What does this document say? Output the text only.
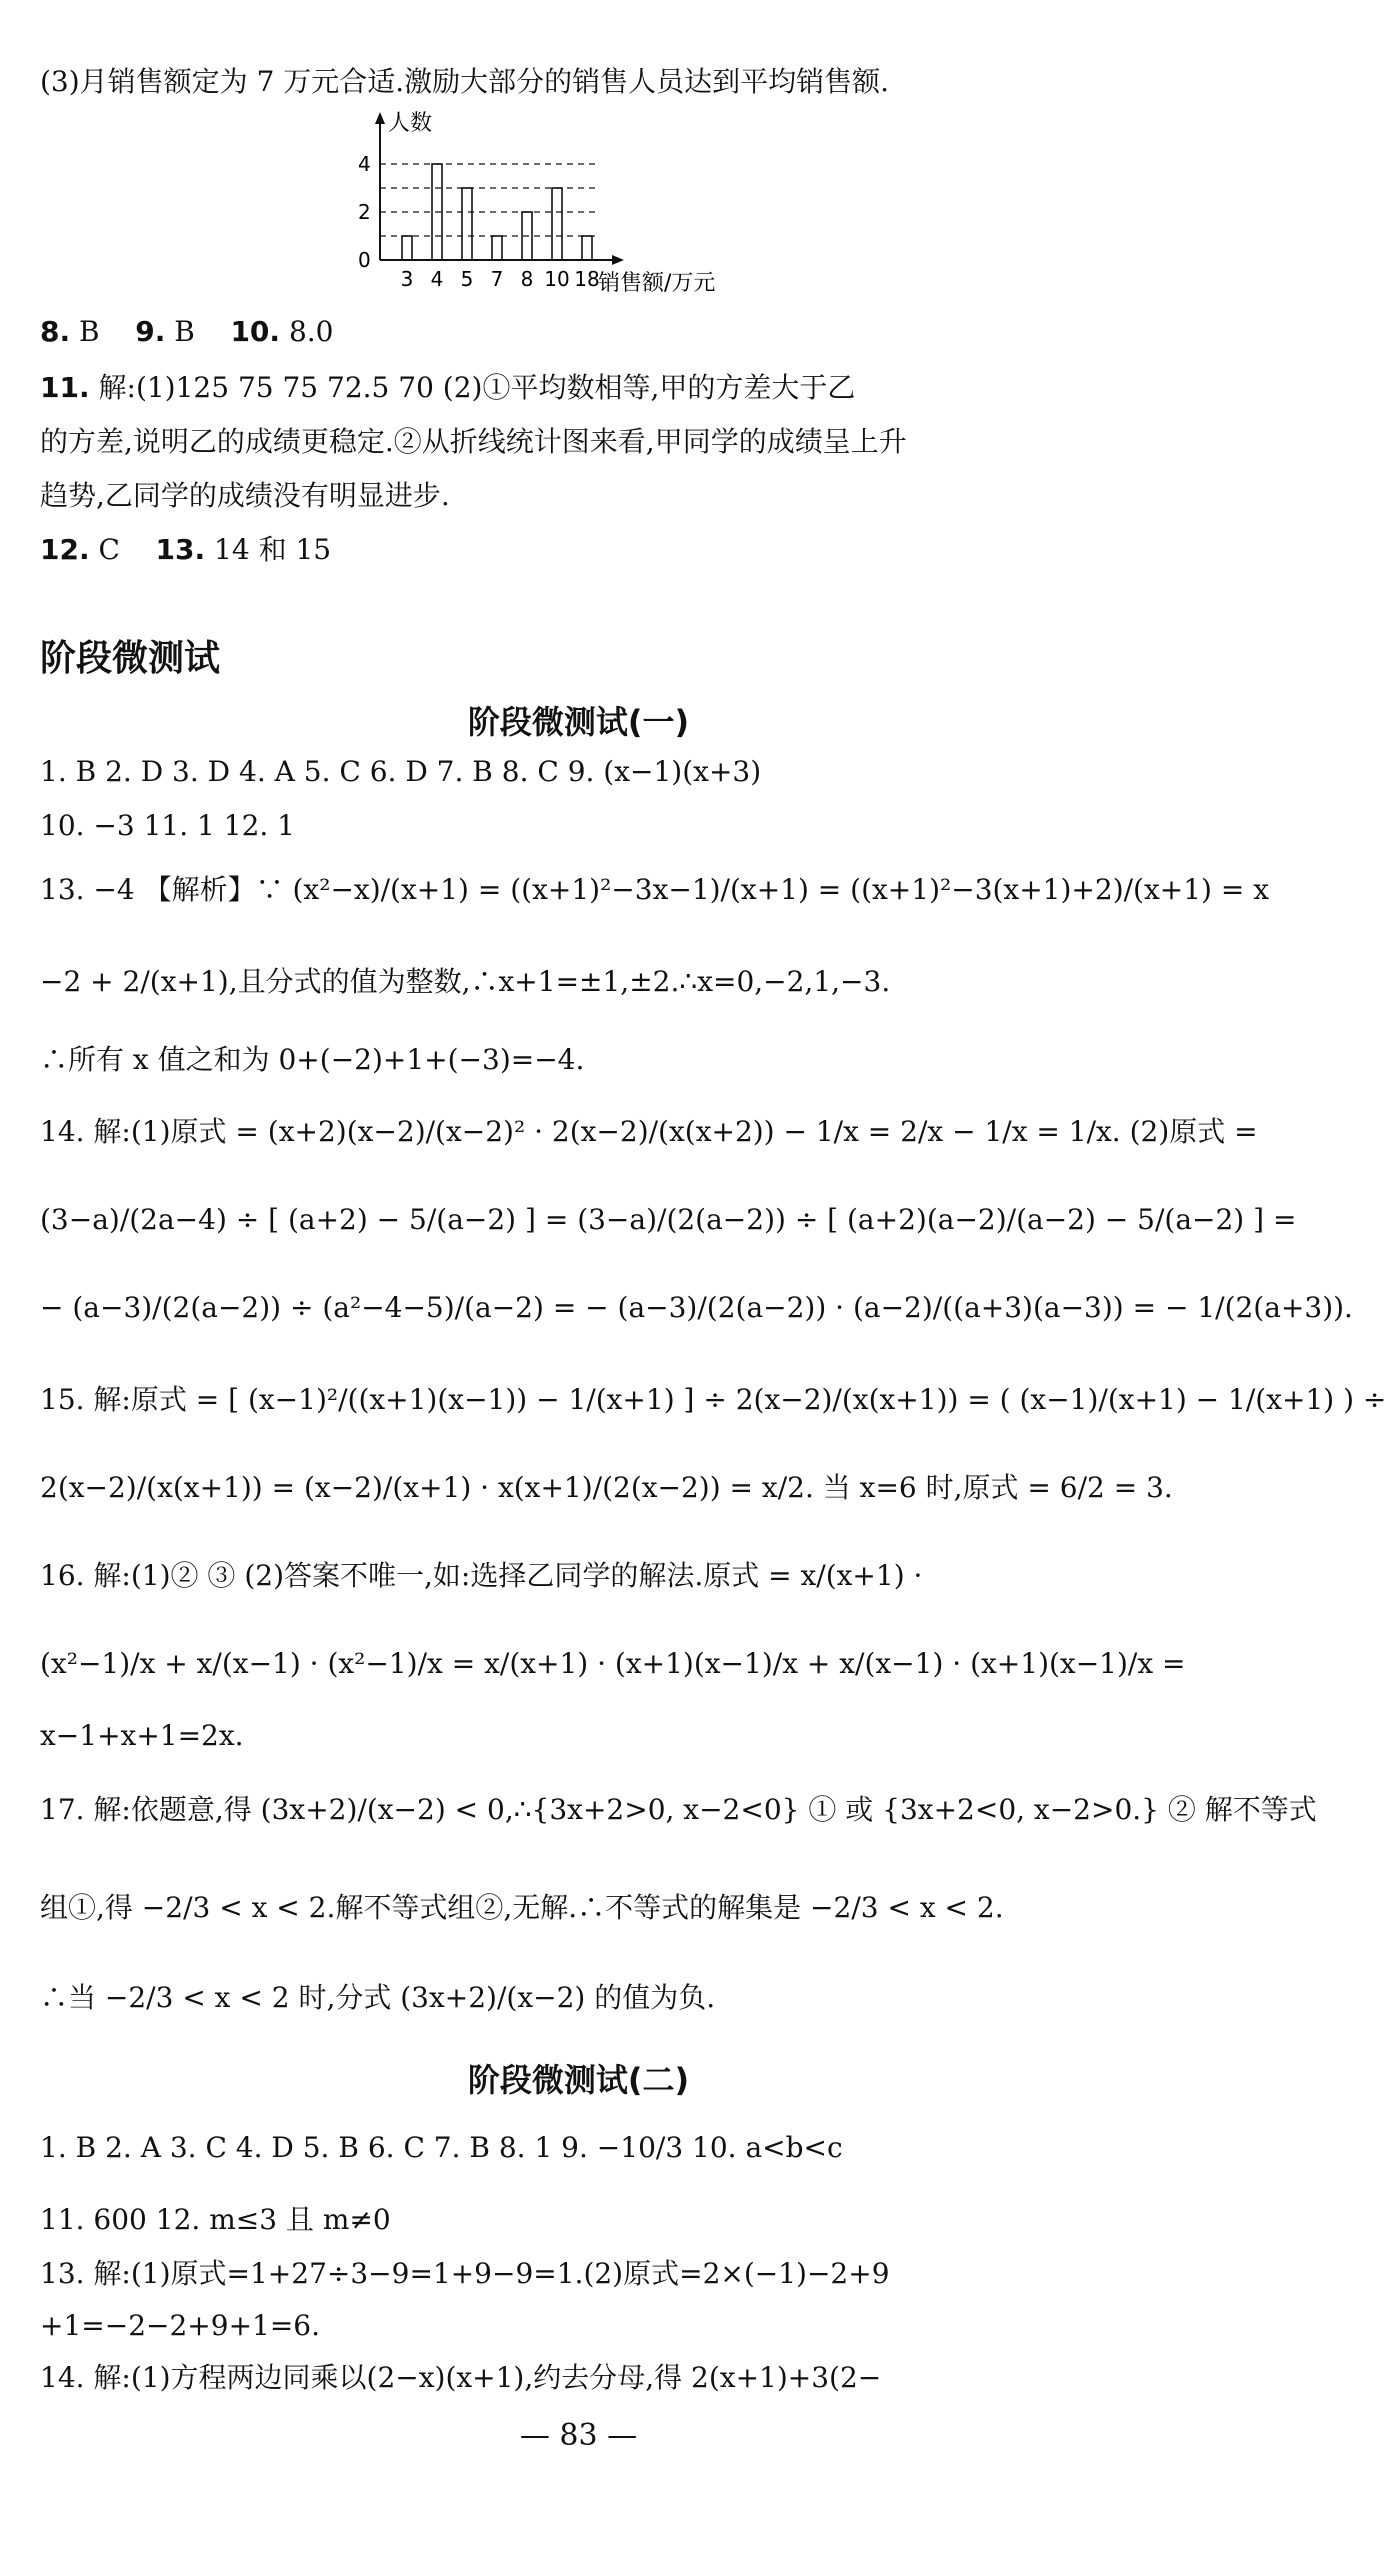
(3)月销售额定为 7 万元合适.激励大部分的销售人员达到平均销售额.
人数
0
2
4
3 4 5 7 8 10 18
销售额/万元
8. B 9. B 10. 8.0
11. 解:(1)125 75 75 72.5 70 (2)①平均数相等,甲的方差大于乙
的方差,说明乙的成绩更稳定.②从折线统计图来看,甲同学的成绩呈上升
趋势,乙同学的成绩没有明显进步.
12. C 13. 14 和 15
阶段微测试
阶段微测试(一)
1. B 2. D 3. D 4. A 5. C 6. D 7. B 8. C 9. (x−1)(x+3)
10. −3 11. 1 12. 1
13. −4 【解析】∵ (x²−x)/(x+1) = ((x+1)²−3x−1)/(x+1) = ((x+1)²−3(x+1)+2)/(x+1) = x
−2 + 2/(x+1),且分式的值为整数,∴x+1=±1,±2.∴x=0,−2,1,−3.
∴所有 x 值之和为 0+(−2)+1+(−3)=−4.
14. 解:(1)原式 = (x+2)(x−2)/(x−2)² · 2(x−2)/(x(x+2)) − 1/x = 2/x − 1/x = 1/x. (2)原式 =
(3−a)/(2a−4) ÷ [ (a+2) − 5/(a−2) ] = (3−a)/(2(a−2)) ÷ [ (a+2)(a−2)/(a−2) − 5/(a−2) ] =
− (a−3)/(2(a−2)) ÷ (a²−4−5)/(a−2) = − (a−3)/(2(a−2)) · (a−2)/((a+3)(a−3)) = − 1/(2(a+3)).
15. 解:原式 = [ (x−1)²/((x+1)(x−1)) − 1/(x+1) ] ÷ 2(x−2)/(x(x+1)) = ( (x−1)/(x+1) − 1/(x+1) ) ÷
2(x−2)/(x(x+1)) = (x−2)/(x+1) · x(x+1)/(2(x−2)) = x/2. 当 x=6 时,原式 = 6/2 = 3.
16. 解:(1)② ③ (2)答案不唯一,如:选择乙同学的解法.原式 = x/(x+1) ·
(x²−1)/x + x/(x−1) · (x²−1)/x = x/(x+1) · (x+1)(x−1)/x + x/(x−1) · (x+1)(x−1)/x =
x−1+x+1=2x.
17. 解:依题意,得 (3x+2)/(x−2) < 0,∴{3x+2>0, x−2<0} ① 或 {3x+2<0, x−2>0.} ② 解不等式
组①,得 −2/3 < x < 2.解不等式组②,无解.∴不等式的解集是 −2/3 < x < 2.
∴当 −2/3 < x < 2 时,分式 (3x+2)/(x−2) 的值为负.
阶段微测试(二)
1. B 2. A 3. C 4. D 5. B 6. C 7. B 8. 1 9. −10/3 10. a<b<c
11. 600 12. m≤3 且 m≠0
13. 解:(1)原式=1+27÷3−9=1+9−9=1.(2)原式=2×(−1)−2+9
+1=−2−2+9+1=6.
14. 解:(1)方程两边同乘以(2−x)(x+1),约去分母,得 2(x+1)+3(2−
— 83 —
